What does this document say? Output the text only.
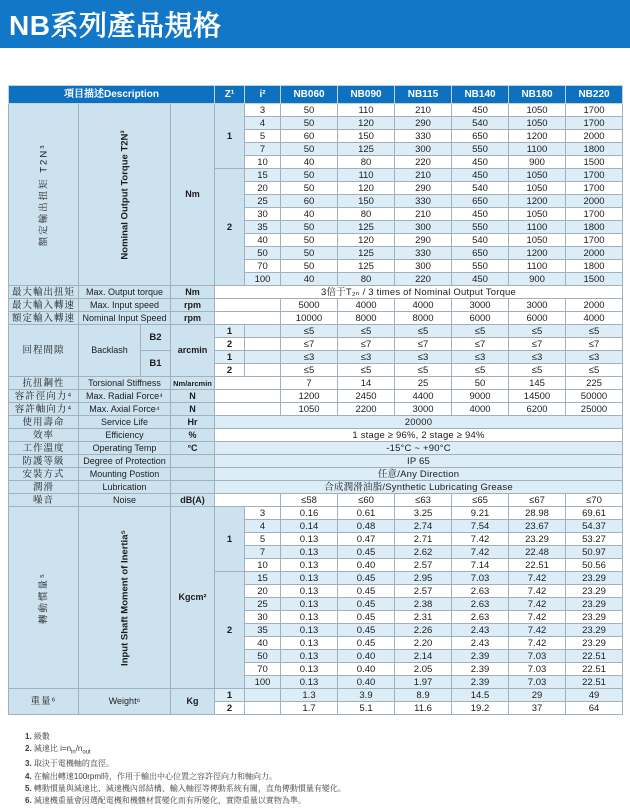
NB系列產品規格
項目描述Description				Z¹	i²	NB060	NB090	NB115	NB140	NB180	NB220

額定輸出扭矩 T2N³	Nominal Output Torque T2N³		Nm	1	3	50	110	210	450	1050	1700
					4	50	120	290	540	1050	1700
					5	60	150	330	650	1200	2000
					7	50	125	300	550	1100	1800
					10	40	80	220	450	900	1500
				2	15	50	110	210	450	1050	1700
					20	50	120	290	540	1050	1700
					25	60	150	330	650	1200	2000
					30	40	80	210	450	1050	1700
					35	50	125	300	550	1100	1800
					40	50	120	290	540	1050	1700
					50	50	125	330	650	1200	2000
					70	50	125	300	550	1100	1800
					100	40	80	220	450	900	1500
最大輸出扭矩	Max. Output torque		Nm	3倍于T₂ₙ / 3 times of Nominal Output Torque							
最大輸入轉速	Max. Input speed		rpm			5000	4000	4000	3000	3000	2000
額定輸入轉速	Nominal Input Speed		rpm			10000	8000	8000	6000	6000	4000
回程間隙	Backlash	B2	arcmin	1		≤5	≤5	≤5	≤5	≤5	≤5
				2		≤7	≤7	≤7	≤7	≤7	≤7
		B1		1		≤3	≤3	≤3	≤3	≤3	≤3
				2		≤5	≤5	≤5	≤5	≤5	≤5
抗扭鋼性	Torsional Stiffness		Nm/arcmin			7	14	25	50	145	225
容許徑向力⁴	Max. Radial Force⁴		N			1200	2450	4400	9000	14500	50000
容許軸向力⁴	Max. Axial Force⁴		N			1050	2200	3000	4000	6200	25000
使用壽命	Service Life		Hr	20000							
效率	Efficiency		%	1 stage ≥ 96%, 2 stage ≥ 94%							
工作溫度	Operating Temp		°C	-15°C ~ +90°C							
防護等級	Degree of Protection			IP 65							
安裝方式	Mounting Postion			任意/Any Direction							
潤滑	Lubrication			合成潤滑油脂/Synthetic Lubricating Grease							
噪音	Noise		dB(A)			≤58	≤60	≤63	≤65	≤67	≤70

轉動慣量⁵	Input Shaft Moment of Inertia⁵		Kgcm²	1	3	0.16	0.61	3.25	9.21	28.98	69.61
					4	0.14	0.48	2.74	7.54	23.67	54.37
					5	0.13	0.47	2.71	7.42	23.29	53.27
					7	0.13	0.45	2.62	7.42	22.48	50.97
					10	0.13	0.40	2.57	7.14	22.51	50.56
				2	15	0.13	0.45	2.95	7.03	7.42	23.29
					20	0.13	0.45	2.57	2.63	7.42	23.29
					25	0.13	0.45	2.38	2.63	7.42	23.29
					30	0.13	0.45	2.31	2.63	7.42	23.29
					35	0.13	0.45	2.26	2.43	7.42	23.29
					40	0.13	0.45	2.20	2.43	7.42	23.29
					50	0.13	0.40	2.14	2.39	7.03	22.51
					70	0.13	0.40	2.05	2.39	7.03	22.51
					100	0.13	0.40	1.97	2.39	7.03	22.51
重量⁶	Weight⁶		Kg	1		1.3	3.9	8.9	14.5	29	49
				2		1.7	5.1	11.6	19.2	37	64
1. 級數
2. 減速比 $i=n_{in}/n_{out}$
3. 取決于電機軸的直徑。
4. 在輸出轉速100rpm時，作用于輸出中心位置之容許徑向力和軸向力。
5. 轉動慣量與減速比、減速機內部結構、輸入軸徑等傳動系統有關，直角傳動慣量有變化。
6. 減速機重量會因選配電機和機體材質變化而有所變化，實際重量以實物為準。
